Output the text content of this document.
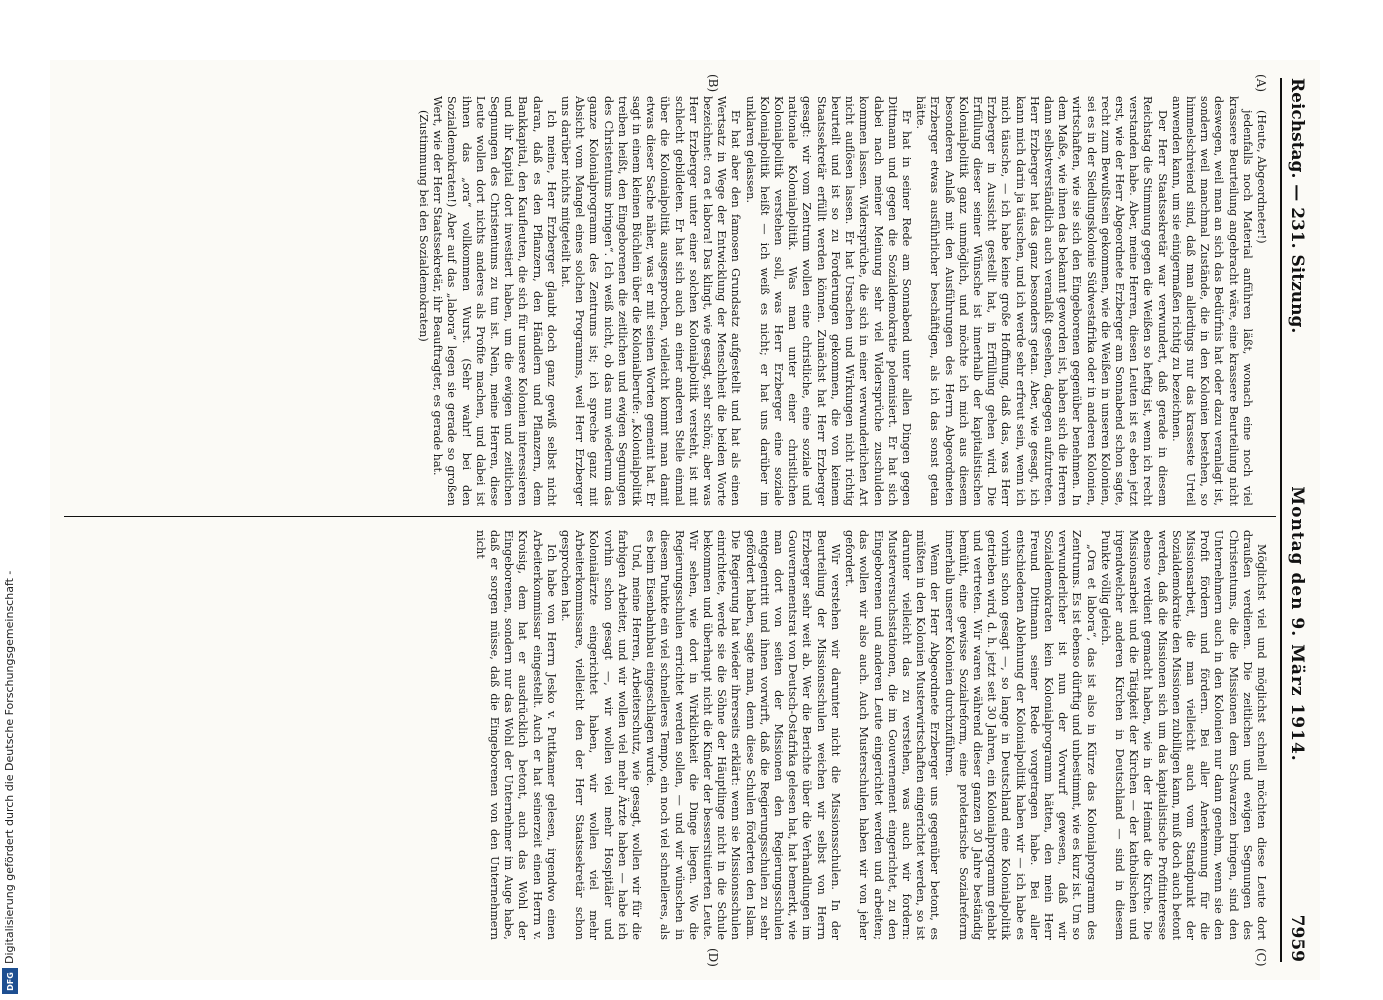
Digitalisierung gefördert durch die Deutsche Forschungsgemeinschaft -
DFG
Reichstag. — 231. Sitzung.
Montag den 9. März 1914.
7959
(A)
(B)
(C)
(D)

(Heute, Abgeordneter!)

jedenfalls noch Material anführen läßt, wonach eine noch viel krassere Beurteilung angebracht wäre, eine krassere Beurteilung nicht deswegen, weil man an sich das Bedürfnis hat oder dazu veranlagt ist, sondern weil manchmal Zustände, die in den Kolonien bestehen, so himmelschreiend sind, daß man allerdings nur das krasseste Urteil anwenden kann, um sie einigermaßen richtig zu bezeichnen.

Der Herr Staatssekretär war verwundert, daß gerade in diesem Reichstag die Stimmung gegen die Weißen so heftig ist, wenn ich recht verstanden habe. Aber, meine Herren, diesen Leuten ist es eben jetzt erst, wie der Herr Abgeordnete Erzberger am Sonnabend schon sagte, recht zum Bewußtsein gekommen, wie die Weißen in unseren Kolonien, sei es in der Siedlungskolonie Südwestafrika oder in anderen Kolonien, wirtschaften, wie sie sich den Eingeborenen gegenüber benehmen. In dem Maße, wie ihnen das bekannt geworden ist, haben sich die Herren dann selbstverständlich auch veranlaßt gesehen, dagegen aufzutreten. Herr Erzberger hat das ganz besonders getan. Aber, wie gesagt, ich kann mich darin ja täuschen, und ich werde sehr erfreut sein, wenn ich mich täusche, — ich habe keine große Hoffnung, daß das, was Herr Erzberger in Aussicht gestellt hat, in Erfüllung gehen wird. Die Erfüllung dieser seiner Wünsche ist innerhalb der kapitalistischen Kolonialpolitik ganz unmöglich, und möchte ich mich aus diesem besonderen Anlaß mit den Ausführungen des Herrn Abgeordneten Erzberger etwas ausführlicher beschäftigen, als ich das sonst getan hätte.

Er hat in seiner Rede am Sonnabend unter allen Dingen gegen Dittmann und gegen die Sozialdemokratie polemisiert. Er hat sich dabei nach meiner Meinung sehr viel Widersprüche zuschulden kommen lassen. Widersprüche, die sich in einer verwunderlichen Art nicht auflösen lassen. Er hat Ursachen und Wirkungen nicht richtig beurteilt und ist so zu Forderungen gekommen, die von keinem Staatssekretär erfüllt werden können. Zunächst hat Herr Erzberger gesagt: wir vom Zentrum wollen eine christliche, eine soziale und nationale Kolonialpolitik. Was man unter einer christlichen Kolonialpolitik verstehen soll, was Herr Erzberger eine soziale Kolonialpolitik heißt — ich weiß es nicht; er hat uns darüber im unklaren gelassen.

Er hat aber den famosen Grundsatz aufgestellt und hat als einen Wertsatz in Wege der Entwicklung der Menschheit die beiden Worte bezeichnet: ora et labora! Das klingt, wie gesagt, sehr schön; aber was Herr Erzberger unter einer solchen Kolonialpolitik versteht, ist mit schlecht gebildeten. Er hat sich auch an einer anderen Stelle einmal über die Kolonialpolitik ausgesprochen, vielleicht kommt man damit etwas dieser Sache näher, was er mit seinen Worten gemeint hat. Er sagt in einem kleinen Büchlein über die Kolonialberufe: „Kolonialpolitik treiben heißt, den Eingeborenen die zeitlichen und ewigen Segnungen des Christentums bringen“. Ich weiß nicht, ob das nun wiederum das ganze Kolonialprogramm des Zentrums ist; ich spreche ganz mit Absicht vom Mangel eines solchen Programms, weil Herr Erzberger uns darüber nichts mitgeteilt hat.

Ich meine, Herr Erzberger glaubt doch ganz gewiß selbst nicht daran, daß es den Pflanzern, den Händlern und Pflanzern, dem Bankkapital, den Kaufleuten, die sich für unsere Kolonien interessieren und ihr Kapital dort investiert haben, um die ewigen und zeitlichen Segnungen des Christentums zu tun ist. Nein, meine Herren, diese Leute wollen dort nichts anderes als Profite machen, und dabei ist ihnen das „ora“ vollkommen Wurst. (Sehr wahr! bei den Sozialdemokraten!) Aber auf das „labora“ legen sie gerade so großen Wert, wie der Herr Staatssekretär, ihr Beauftragter, es gerade hat.

(Zustimmung bei den Sozialdemokraten)

Möglichst viel und möglichst schnell möchten diese Leute dort draußen verdienen. Die zeitlichen und ewigen Segnungen des Christentums, die die Missionen dem Schwarzen bringen, sind den Unternehmern auch in den Kolonien nur dann genehm, wenn sie den Profit fördern und fördern. Bei aller Anerkennung für die Missionsarbeit, die man vielleicht auch vom Standpunkt der Sozialdemokratie den Missionen zubilligen kann, muß doch auch betont werden, daß die Missionen sich um das kapitalistische Profitinteresse ebenso verdient gemacht haben, wie in der Heimat die Kirche. Die Missionsarbeit und die Tätigkeit der Kirchen — der katholischen und irgendwelcher anderen Kirchen in Deutschland — sind in diesem Punkte völlig gleich.

„Ora et labora“, das ist also in Kürze das Kolonialprogramm des Zentrums. Es ist ebenso dürftig und unbestimmt, wie es kurz ist. Um so verwunderlicher ist nun der Vorwurf gewesen, daß wir Sozialdemokraten kein Kolonialprogramm hätten, den mein Herr Freund Dittmann seiner Rede vorgetragen habe. Bei aller entschiedenen Ablehnung der Kolonialpolitik haben wir — ich habe es vorhin schon gesagt —, so lange in Deutschland eine Kolonialpolitik getrieben wird, d. h. jetzt seit 30 Jahren, ein Kolonialprogramm gehabt und vertreten. Wir waren während dieser ganzen 30 Jahre beständig bemüht, eine gewisse Sozialreform, eine proletarische Sozialreform innerhalb unserer Kolonien durchzuführen.

Wenn der Herr Abgeordnete Erzberger uns gegenüber betont, es müßten in den Kolonien Musterwirtschaften eingerichtet werden, so ist darunter vielleicht das zu verstehen, was auch wir fordern: Musterversuchsstationen, die im Gouvernement eingerichtet, zu den Eingeborenen und anderen Leute eingerichtet werden und arbeiten; das wollen wir also auch. Auch Musterschulen haben wir von jeher gefordert.

Wir verstehen wir darunter nicht die Missionsschulen. In der Beurteilung der Missionsschulen weichen wir selbst von Herrn Erzberger sehr weit ab. Wer die Berichte über die Verhandlungen im Gouvernementsrat von Deutsch-Ostafrika gelesen hat, hat bemerkt, wie man dort von seiten der Missionen den Regierungsschulen entgegentritt und ihnen vorwirft, daß die Regierungsschulen zu sehr gefördert haben, sagte man, denn diese Schulen förderten den Islam. Die Regierung hat wieder ihrerseits erklärt: wenn sie Missionsschulen einrichtete, werde sie die Söhne der Häuptlinge nicht in die Schule bekommen und überhaupt nicht die Kinder der bessersituierten Leute. Wir sehen, wie dort in Wirklichkeit die Dinge liegen. Wo die Regierungsschulen errichtet werden sollen, — und wir wünschen in diesem Punkte ein viel schnelleres Tempo, ein noch viel schnelleres, als es beim Eisenbahnbau eingeschlagen wurde.

Und, meine Herren, Arbeiterschutz, wie gesagt, wollen wir für die farbigen Arbeiter, und wir wollen viel mehr Ärzte haben — habe ich vorhin schon gesagt —, wir wollen viel mehr Hospitäler und Kolonialärzte eingerichtet haben, wir wollen viel mehr Arbeiterkommissare, vielleicht den der Herr Staatssekretär schon gesprochen hat.

Ich habe von Herrn Jesko v. Puttkamer gelesen, irgendwo einen Arbeiterkommissar eingestellt. Auch er hat seinerzeit einen Herrn v. Kroisig, dem hat er ausdrücklich betont, auch das Wohl der Eingeborenen, sondern nur das Wohl der Unternehmer im Auge habe, daß er sorgen müsse, daß die Eingeborenen von den Unternehmern nicht
